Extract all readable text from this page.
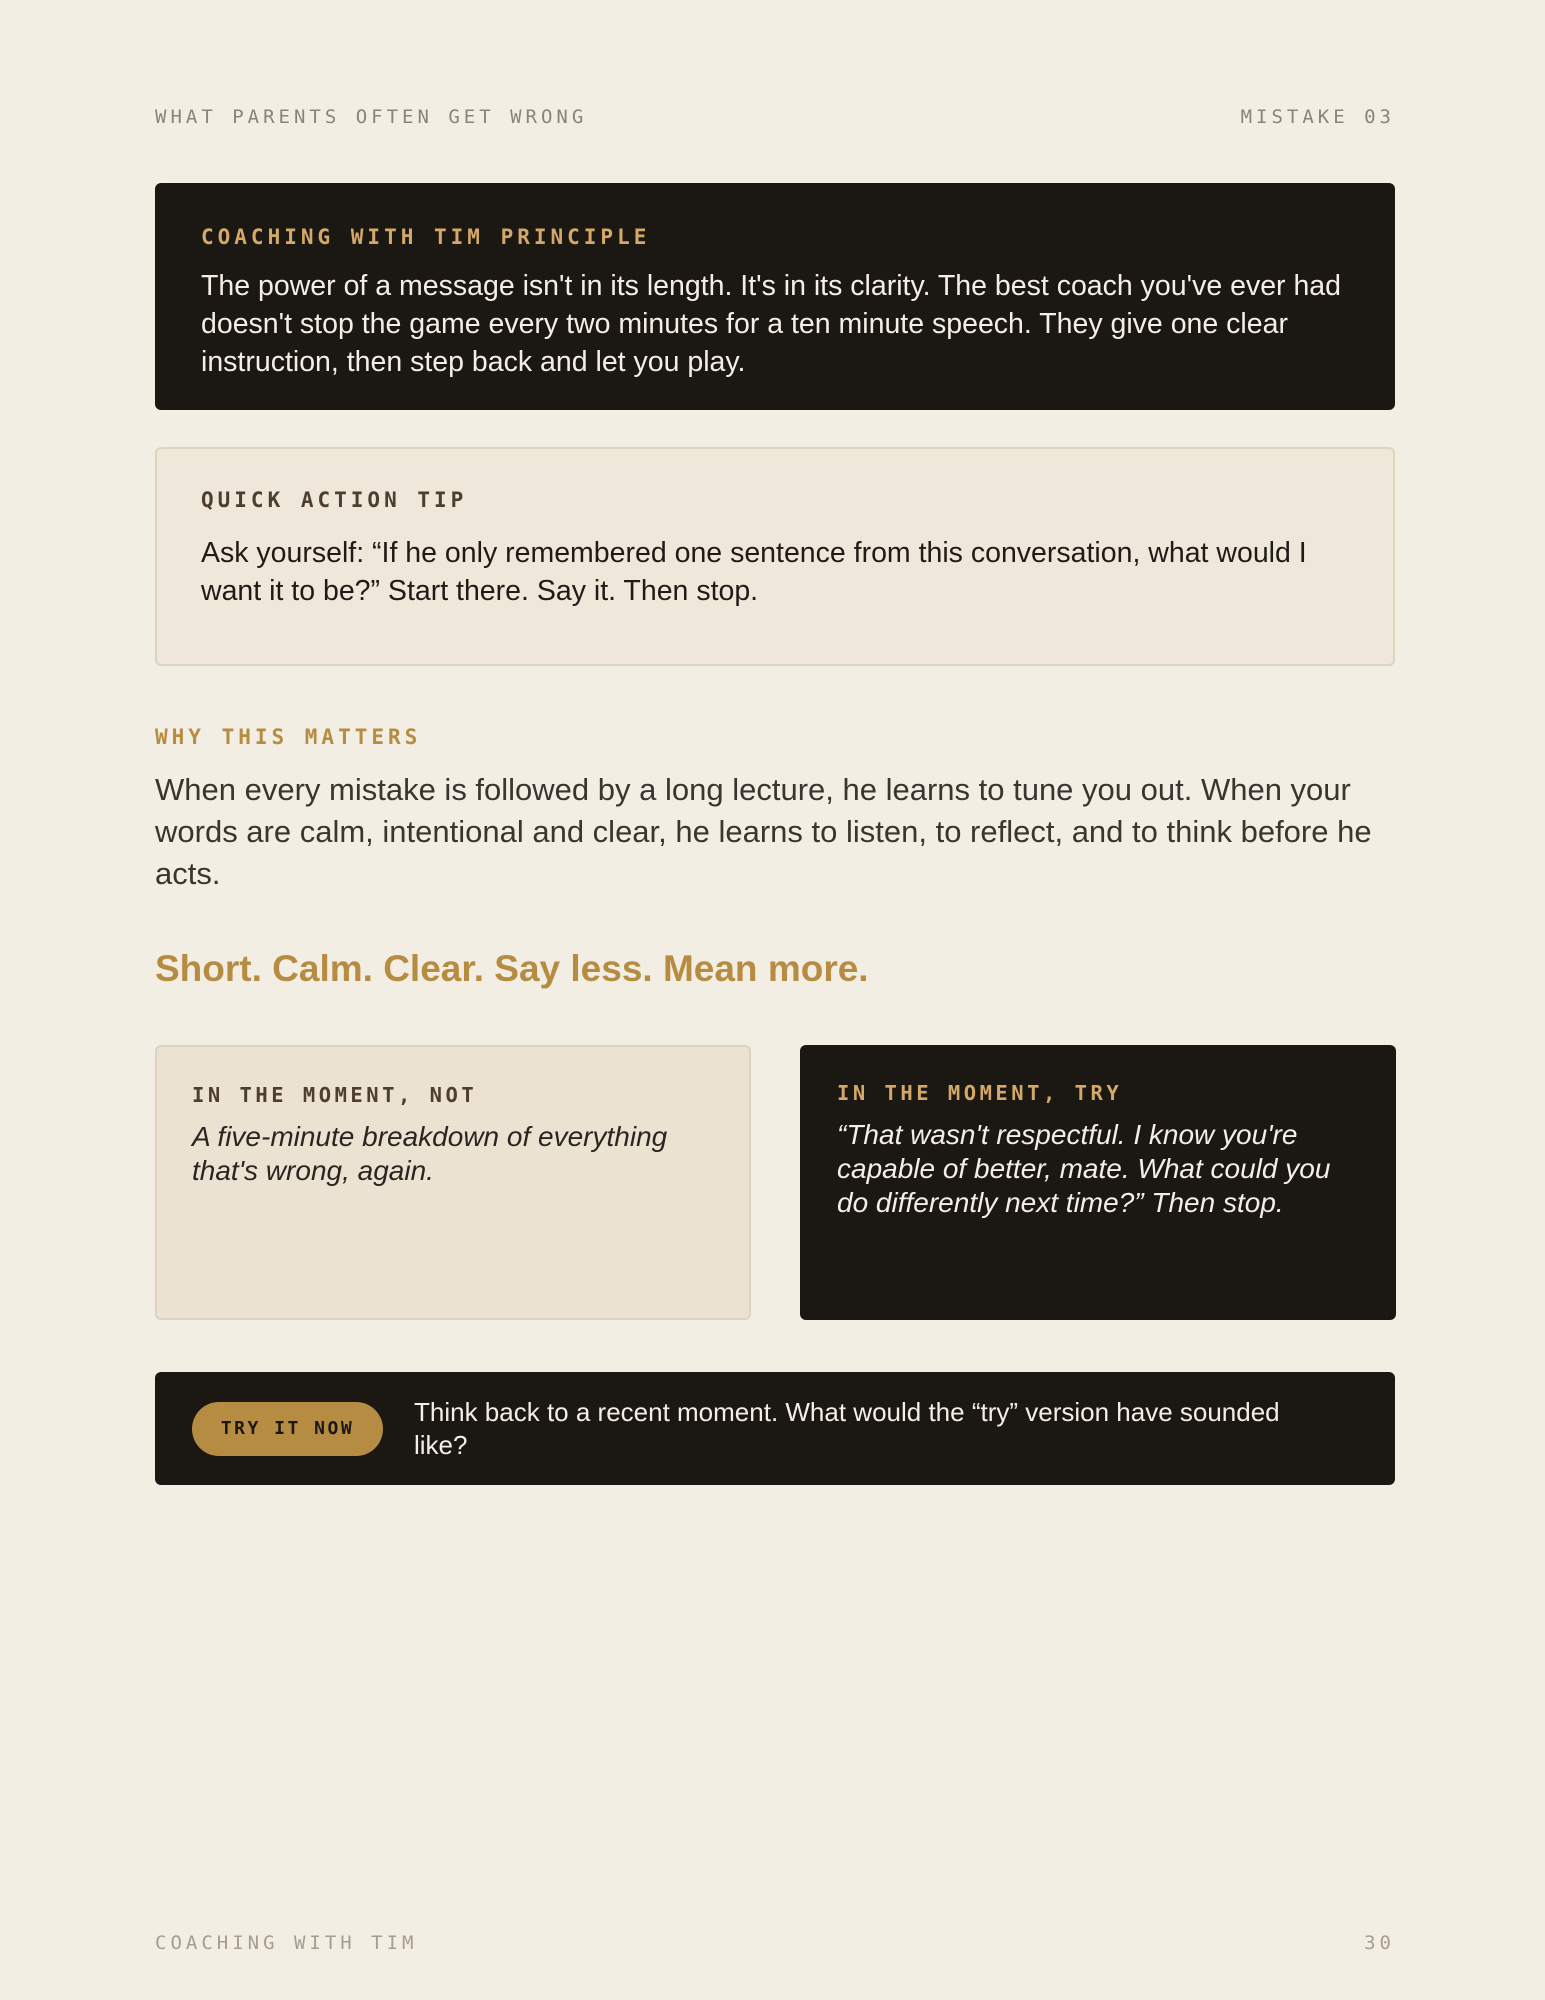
WHAT PARENTS OFTEN GET WRONG	MISTAKE 03
COACHING WITH TIM PRINCIPLE
The power of a message isn't in its length. It's in its clarity. The best coach you've ever had doesn't stop the game every two minutes for a ten minute speech. They give one clear instruction, then step back and let you play.
QUICK ACTION TIP
Ask yourself: “If he only remembered one sentence from this conversation, what would I want it to be?” Start there. Say it. Then stop.
WHY THIS MATTERS
When every mistake is followed by a long lecture, he learns to tune you out. When your words are calm, intentional and clear, he learns to listen, to reflect, and to think before he acts.
Short. Calm. Clear. Say less. Mean more.
IN THE MOMENT, NOT
A five-minute breakdown of everything that's wrong, again.
IN THE MOMENT, TRY
“That wasn't respectful. I know you're capable of better, mate. What could you do differently next time?” Then stop.
TRY IT NOW
Think back to a recent moment. What would the “try” version have sounded like?
COACHING WITH TIM	30
